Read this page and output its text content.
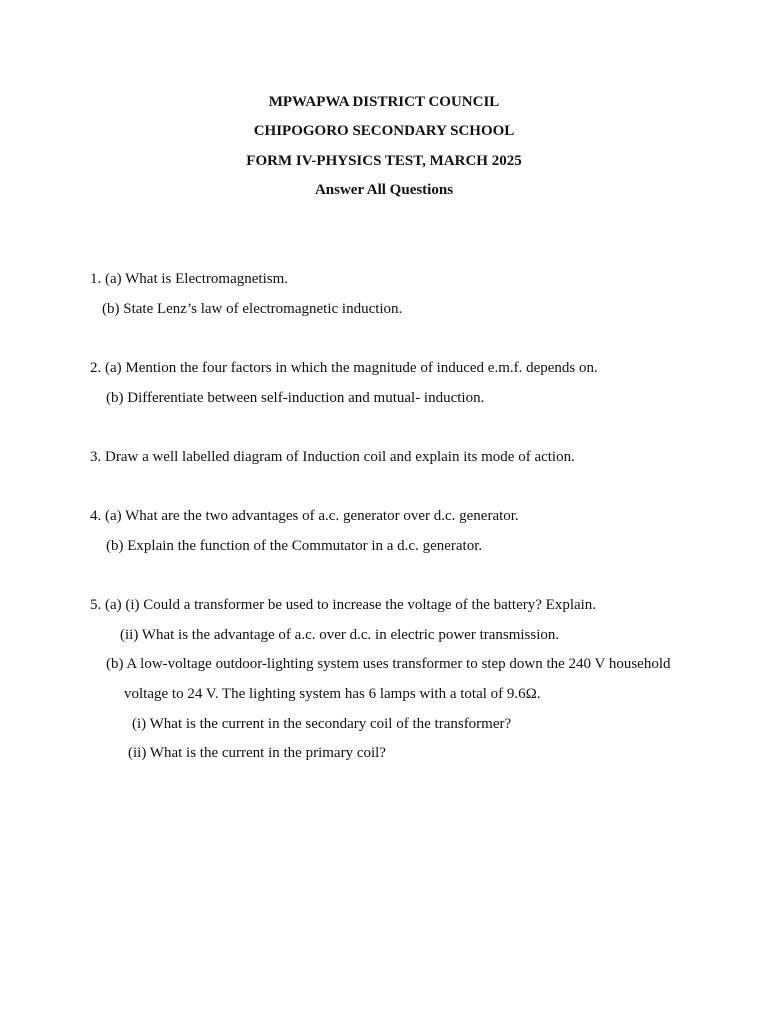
MPWAPWA DISTRICT COUNCIL
CHIPOGORO SECONDARY SCHOOL
FORM IV-PHYSICS TEST, MARCH 2025
Answer All Questions
1. (a) What is Electromagnetism.
(b) State Lenz’s law of electromagnetic induction.
2. (a) Mention the four factors in which the magnitude of induced e.m.f. depends on.
(b) Differentiate between self-induction and mutual- induction.
3. Draw a well labelled diagram of Induction coil and explain its mode of action.
4. (a) What are the two advantages of a.c. generator over d.c. generator.
(b) Explain the function of the Commutator in a d.c. generator.
5. (a) (i) Could a transformer be used to increase the voltage of the battery? Explain.
(ii) What is the advantage of a.c. over d.c. in electric power transmission.
(b) A low-voltage outdoor-lighting system uses transformer to step down the 240 V household
voltage to 24 V. The lighting system has 6 lamps with a total of 9.6Ω.
(i) What is the current in the secondary coil of the transformer?
(ii) What is the current in the primary coil?
